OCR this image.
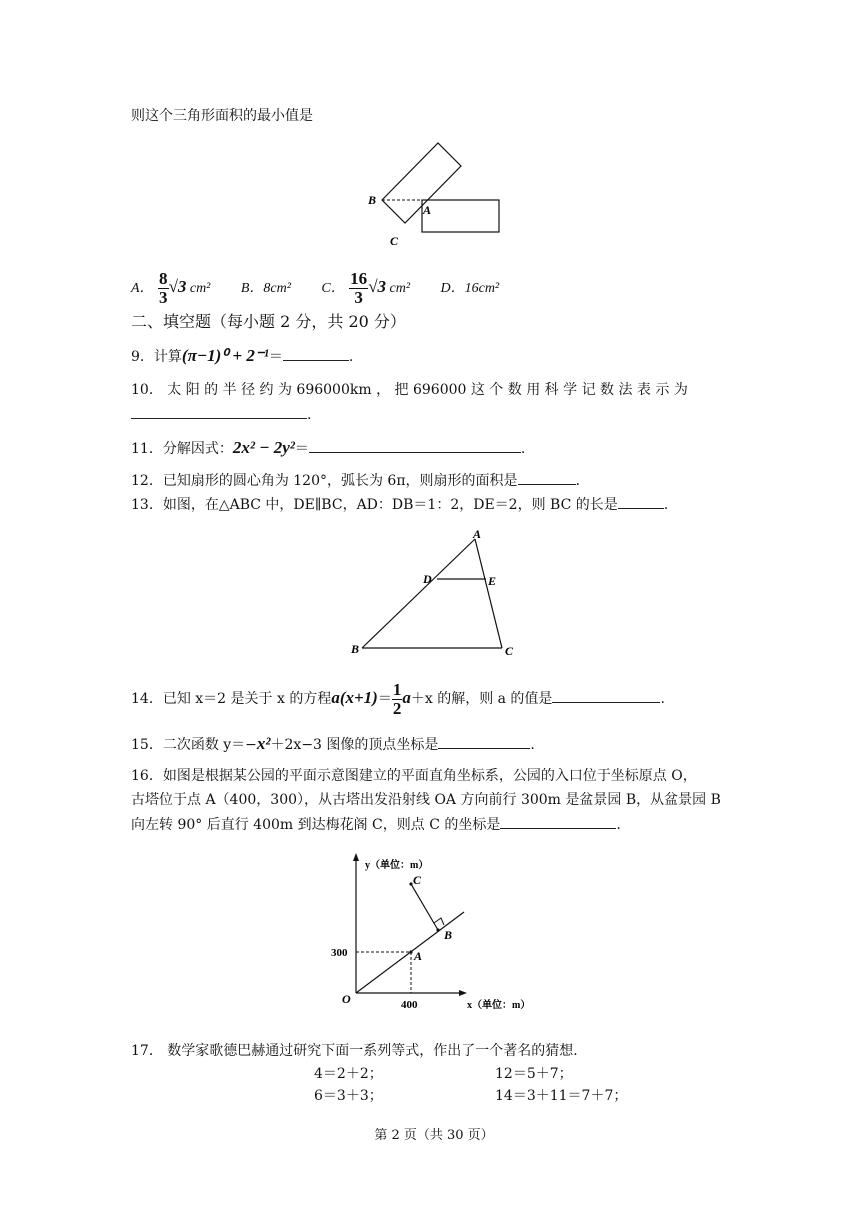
则这个三角形面积的最小值是
B
A
C
A． $\frac{8}{3} √3$ cm² B．8cm² C． $\frac{16}{3} √3$ cm² D．16cm²
二、填空题（每小题 2 分，共 20 分）
9．计算(π−1)⁰ + 2⁻¹＝	.
10． 太 阳 的 半 径 约 为 696000km ， 把 696000 这 个 数 用 科 学 记 数 法 表 示 为
.
11．分解因式：2x² − 2y²＝	.
12．已知扇形的圆心角为 120°，弧长为 6π，则扇形的面积是	.
13．如图，在△ABC 中，DE∥BC，AD：DB＝1：2，DE＝2，则 BC 的长是	.
A
D	E
B	C
14．已知 x＝2 是关于 x 的方程$a(x+1)= \frac{1}{2} a+x$ 的解，则 a 的值是	.
15．二次函数 y＝−x²＋2x−3 图像的顶点坐标是	.
16．如图是根据某公园的平面示意图建立的平面直角坐标系，公园的入口位于坐标原点 O，
古塔位于点 A（400，300），从古塔出发沿射线 OA 方向前行 300m 是盆景园 B，从盆景园 B
向左转 90° 后直行 400m 到达梅花阁 C，则点 C 的坐标是	.
y（单位：m）
x（单位：m）
O
A
B
C
300
400
17． 数学家歌德巴赫通过研究下面一系列等式，作出了一个著名的猜想．
4＝2＋2；	12＝5＋7；
6＝3＋3；	14＝3＋11＝7＋7；
第 2 页（共 30 页）
